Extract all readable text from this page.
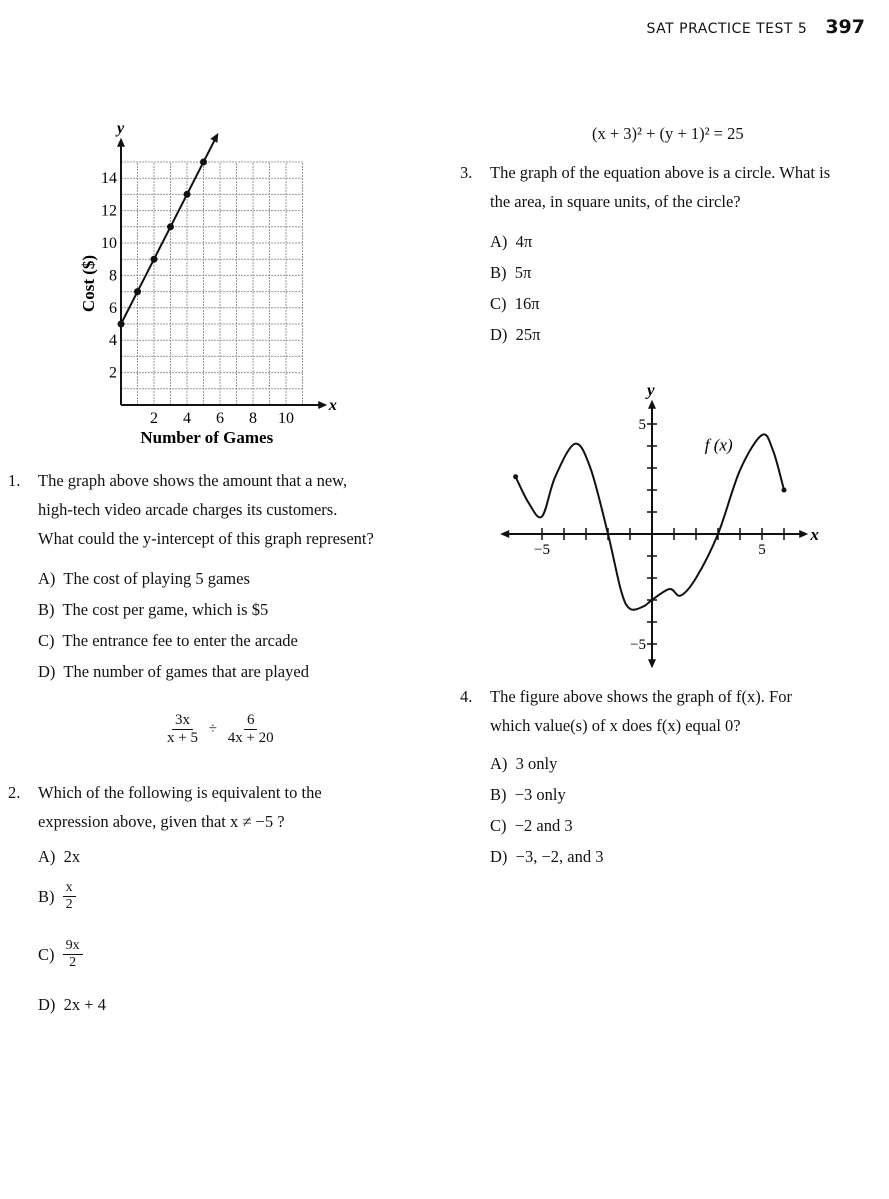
SAT PRACTICE TEST 5 397
x
y
2 4 6 8 10
2
4
6
8
10
12
14
Number of Games
Cost ($)
−5	5
5
−5
x
y
f (x)
1. The graph above shows the amount that a new,
high-tech video arcade charges its customers.
What could the y-intercept of this graph represent?
A) The cost of playing 5 games
B) The cost per game, which is $5
C) The entrance fee to enter the arcade
D) The number of games that are played
$\frac{3x}{x + 5} \div \frac{6}{4x + 20}$
2. Which of the following is equivalent to the
expression above, given that x ≠ −5 ?
A) 2x
B)
$\frac{x}{2}$
C)
$\frac{9x}{2}$
D) 2x + 4
(x + 3)² + (y + 1)² = 25
3. The graph of the equation above is a circle. What is
the area, in square units, of the circle?
A) 4π
B) 5π
C) 16π
D) 25π
4. The figure above shows the graph of f(x). For
which value(s) of x does f(x) equal 0?
A) 3 only
B) −3 only
C) −2 and 3
D) −3, −2, and 3
